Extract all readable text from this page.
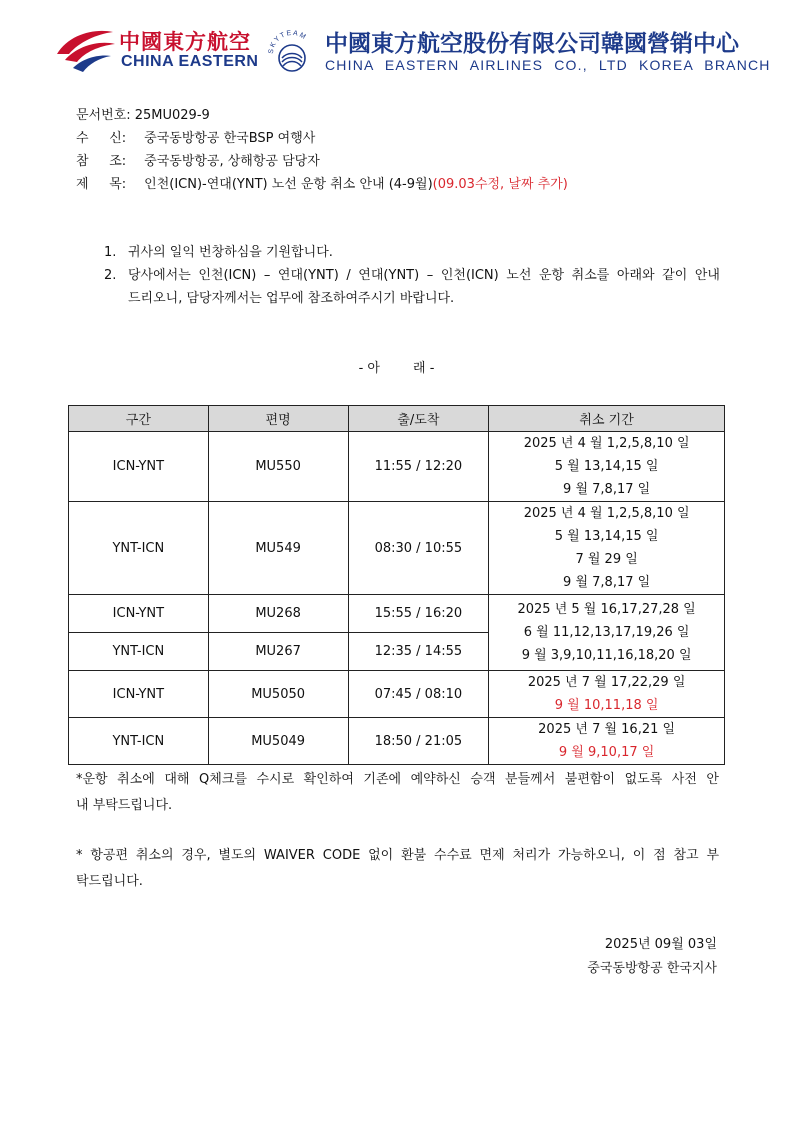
中國東方航空
CHINA EASTERN
SKYTEAM 中國東方航空股份有限公司韓國營销中心
CHINA EASTERN AIRLINES CO., LTD KOREA BRANCH
문서번호: 25MU029-9
수     신: 중국동방항공 한국BSP 여행사
참     조: 중국동방항공, 상해항공 담당자
제     목: 인천(ICN)-연대(YNT) 노선 운항 취소 안내 (4-9월)(09.03수정, 날짜 추가)
1. 귀사의 일익 번창하심을 기원합니다.
2. 당사에서는 인천(ICN) – 연대(YNT) / 연대(YNT) – 인천(ICN) 노선 운항 취소를 아래와 같이 안내
드리오니, 담당자께서는 업무에 참조하여주시기 바랍니다.
- 아        래 -
구간	편명	출/도착	취소 기간
ICN-YNT	MU550	11:55 / 12:20	2025 년 4 월 1,2,5,8,10 일
5 월 13,14,15 일
9 월 7,8,17 일

YNT-ICN	MU549	08:30 / 10:55	2025 년 4 월 1,2,5,8,10 일
5 월 13,14,15 일
7 월 29 일
9 월 7,8,17 일

ICN-YNT	MU268	15:55 / 16:20	2025 년 5 월 16,17,27,28 일
6 월 11,12,13,17,19,26 일
9 월 3,9,10,11,16,18,20 일

YNT-ICN	MU267	12:35 / 14:55	
ICN-YNT	MU5050	07:45 / 08:10	2025 년 7 월 17,22,29 일
9 월 10,11,18 일

YNT-ICN	MU5049	18:50 / 21:05	2025 년 7 월 16,21 일
9 월 9,10,17 일
*운항 취소에 대해 Q체크를 수시로 확인하여 기존에 예약하신 승객 분들께서 불편함이 없도록 사전 안
내 부탁드립니다.
* 항공편 취소의 경우, 별도의 WAIVER CODE 없이 환불 수수료 면제 처리가 가능하오니, 이 점 참고 부
탁드립니다.
2025년 09월 03일
중국동방항공 한국지사
